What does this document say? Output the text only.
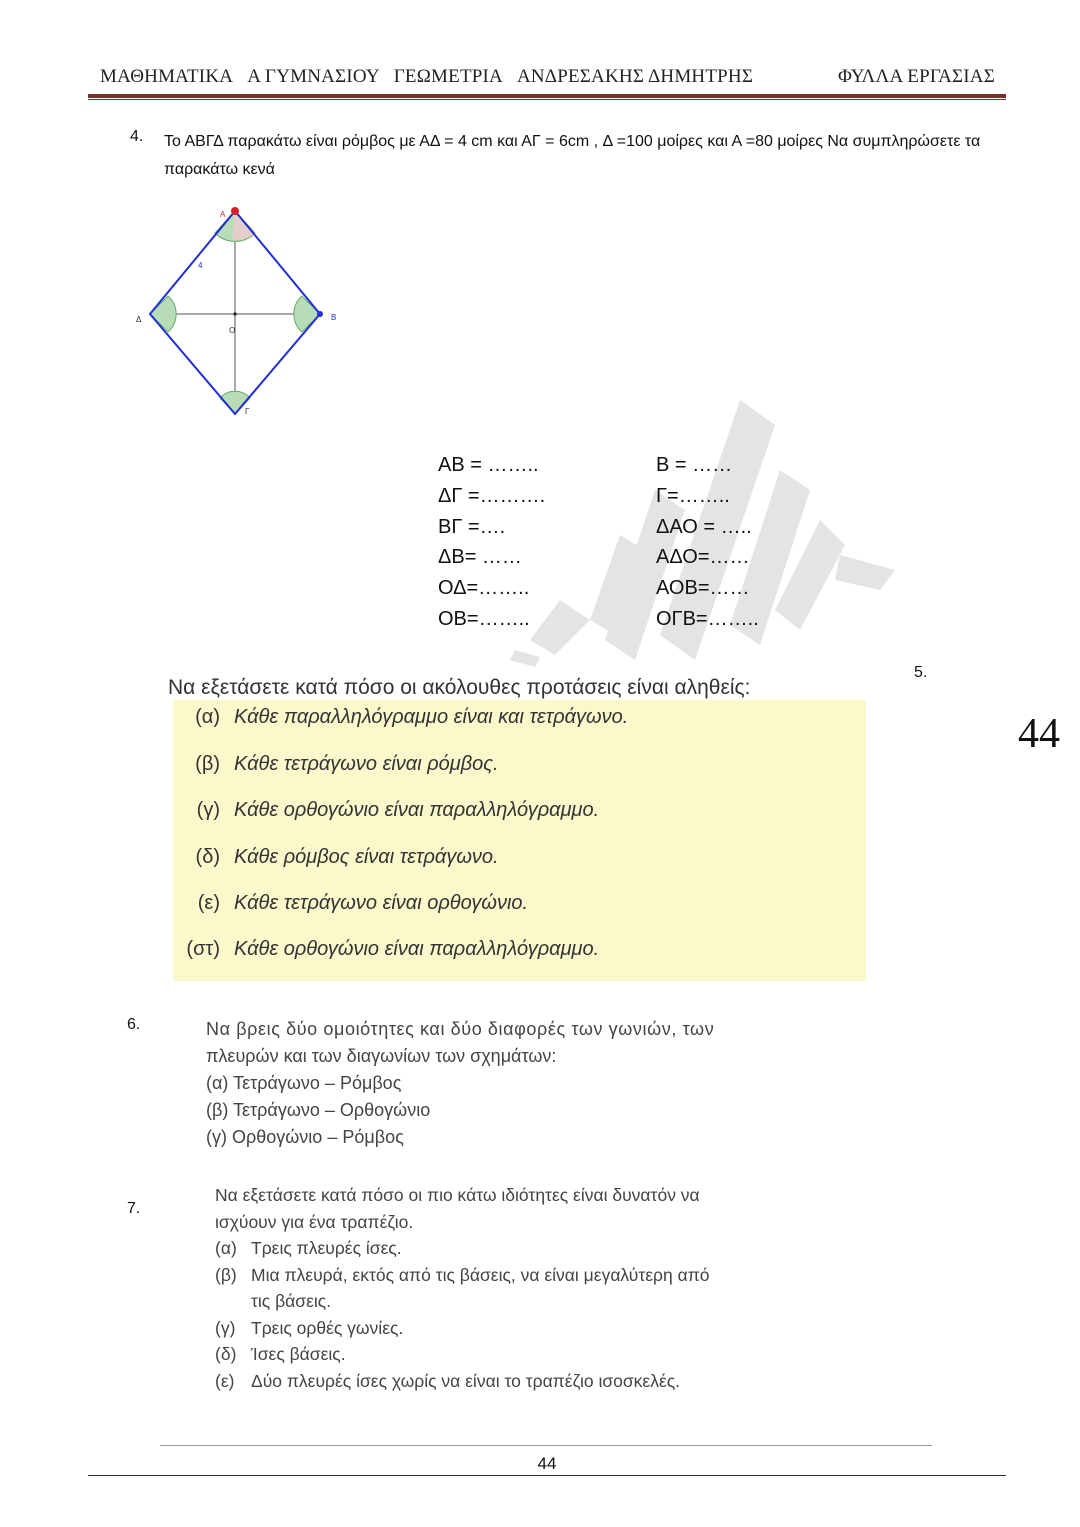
ΜΑΘΗΜΑΤΙΚΑ Α ΓΥΜΝΑΣΙΟΥ ΓΕΩΜΕΤΡΙΑ ΑΝΔΡΕΣΑΚΗΣ ΔΗΜΗΤΡΗΣ	ΦΥΛΛΑ ΕΡΓΑΣΙΑΣ
4. Το ΑΒΓΔ παρακάτω είναι ρόμβος με ΑΔ = 4 cm και ΑΓ = 6cm , Δ =100 μοίρες και Α =80 μοίρες Να συμπληρώσετε τα παρακάτω κενά
Α
Β
Γ
Δ
Ο
4
ΑΒ = ……..
ΔΓ =……….
ΒΓ =….
ΔΒ= ……
ΟΔ=……..
ΟΒ=……..
Β = ……
Γ=……..
ΔΑΟ = …..
ΑΔΟ=……
ΑΟΒ=……
ΟΓΒ=……..
5.
Να εξετάσετε κατά πόσο οι ακόλουθες προτάσεις είναι αληθείς:
(α) Κάθε παραλληλόγραμμο είναι και τετράγωνο.
(β) Κάθε τετράγωνο είναι ρόμβος.
(γ) Κάθε ορθογώνιο είναι παραλληλόγραμμο.
(δ) Κάθε ρόμβος είναι τετράγωνο.
(ε) Κάθε τετράγωνο είναι ορθογώνιο.
(στ) Κάθε ορθογώνιο είναι παραλληλόγραμμο.
44
6.	Να βρεις δύο ομοιότητες και δύο διαφορές των γωνιών, των
πλευρών και των διαγωνίων των σχημάτων:
(α) Τετράγωνο – Ρόμβος
(β) Τετράγωνο – Ορθογώνιο
(γ) Ορθογώνιο – Ρόμβος
7.
Να εξετάσετε κατά πόσο οι πιο κάτω ιδιότητες είναι δυνατόν να
ισχύουν για ένα τραπέζιο.
(α) Τρεις πλευρές ίσες.
(β) Μια πλευρά, εκτός από τις βάσεις, να είναι μεγαλύτερη από
τις βάσεις.
(γ) Τρεις ορθές γωνίες.
(δ) Ίσες βάσεις.
(ε) Δύο πλευρές ίσες χωρίς να είναι το τραπέζιο ισοσκελές.
44
